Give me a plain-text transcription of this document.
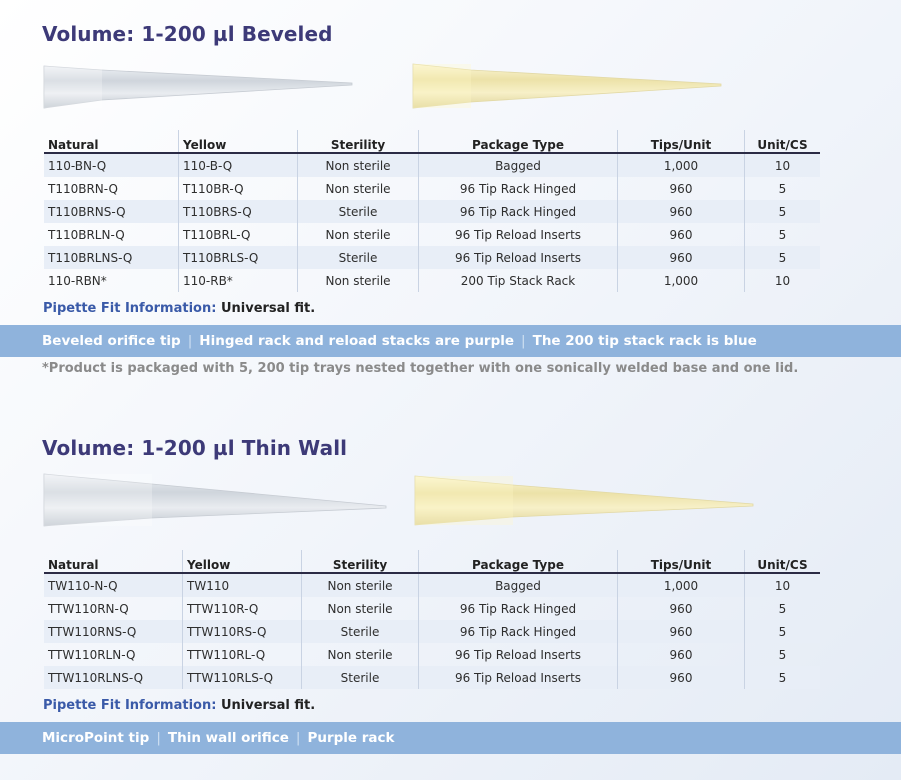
Volume: 1-200 µl Beveled
Natural	Yellow	Sterility	Package Type	Tips/Unit	Unit/CS
110-BN-Q	110-B-Q	Non sterile	Bagged	1,000	10
T110BRN-Q	T110BR-Q	Non sterile	96 Tip Rack Hinged	960	5
T110BRNS-Q	T110BRS-Q	Sterile	96 Tip Rack Hinged	960	5
T110BRLN-Q	T110BRL-Q	Non sterile	96 Tip Reload Inserts	960	5
T110BRLNS-Q	T110BRLS-Q	Sterile	96 Tip Reload Inserts	960	5
110-RBN*	110-RB*	Non sterile	200 Tip Stack Rack	1,000	10
Pipette Fit Information: Universal fit.
Beveled orifice tip | Hinged rack and reload stacks are purple | The 200 tip stack rack is blue
*Product is packaged with 5, 200 tip trays nested together with one sonically welded base and one lid.
Volume: 1-200 µl Thin Wall
Natural	Yellow	Sterility	Package Type	Tips/Unit	Unit/CS
TW110-N-Q	TW110	Non sterile	Bagged	1,000	10
TTW110RN-Q	TTW110R-Q	Non sterile	96 Tip Rack Hinged	960	5
TTW110RNS-Q	TTW110RS-Q	Sterile	96 Tip Rack Hinged	960	5
TTW110RLN-Q	TTW110RL-Q	Non sterile	96 Tip Reload Inserts	960	5
TTW110RLNS-Q	TTW110RLS-Q	Sterile	96 Tip Reload Inserts	960	5
Pipette Fit Information: Universal fit.
MicroPoint tip | Thin wall orifice | Purple rack
